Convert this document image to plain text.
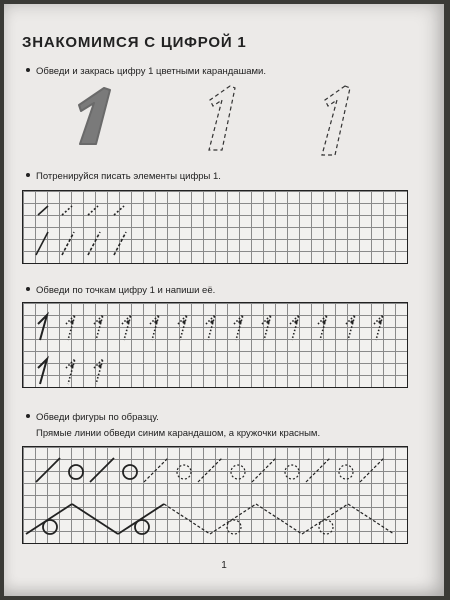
ЗНАКОМИМСЯ С ЦИФРОЙ 1
Обведи и закрась цифру 1 цветными карандашами.
Потренируйся писать элементы цифры 1.
Обведи по точкам цифру 1 и напиши её.
Обведи фигуры по образцу.
Прямые линии обведи синим карандашом, а кружочки красным.
1
